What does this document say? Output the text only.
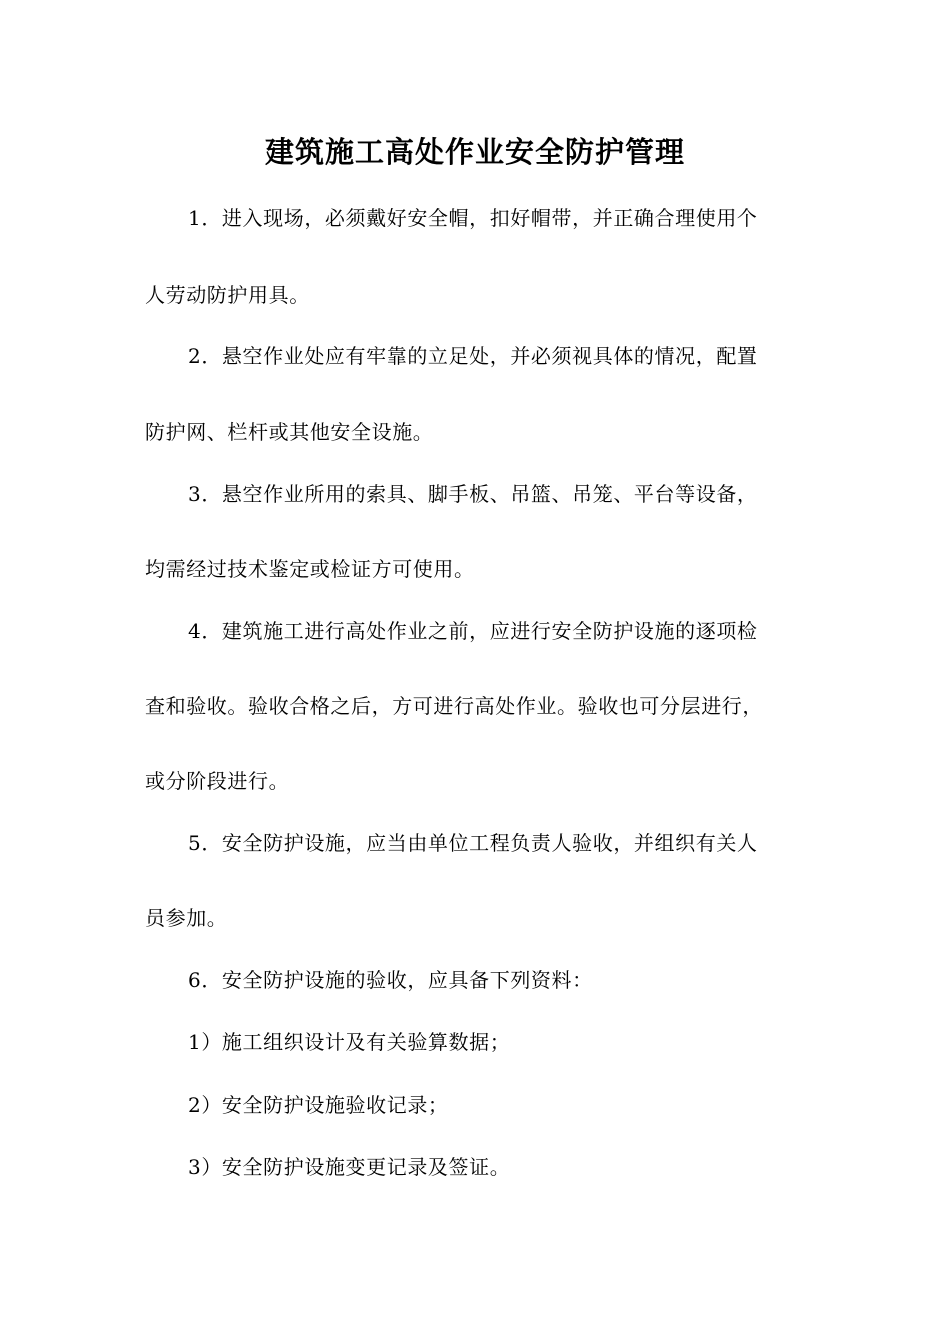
建筑施工高处作业安全防护管理
1．进入现场，必须戴好安全帽，扣好帽带，并正确合理使用个
人劳动防护用具。
2．悬空作业处应有牢靠的立足处，并必须视具体的情况，配置
防护网、栏杆或其他安全设施。
3．悬空作业所用的索具、脚手板、吊篮、吊笼、平台等设备，
均需经过技术鉴定或检证方可使用。
4．建筑施工进行高处作业之前，应进行安全防护设施的逐项检
查和验收。验收合格之后，方可进行高处作业。验收也可分层进行，
或分阶段进行。
5．安全防护设施，应当由单位工程负责人验收，并组织有关人
员参加。
6．安全防护设施的验收，应具备下列资料：
1）施工组织设计及有关验算数据；
2）安全防护设施验收记录；
3）安全防护设施变更记录及签证。
